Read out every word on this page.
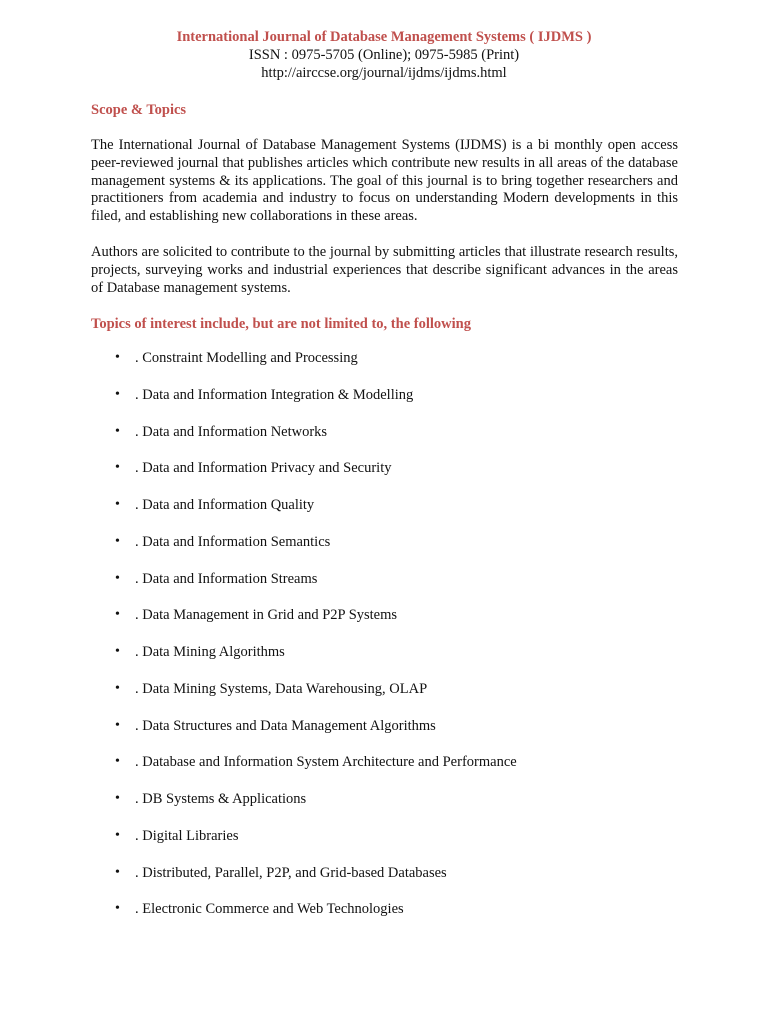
International Journal of Database Management Systems ( IJDMS )
ISSN : 0975-5705 (Online); 0975-5985 (Print)
http://airccse.org/journal/ijdms/ijdms.html
Scope & Topics

The International Journal of Database Management Systems (IJDMS) is a bi monthly open access peer-reviewed journal that publishes articles which contribute new results in all areas of the database management systems & its applications. The goal of this journal is to bring together researchers and practitioners from academia and industry to focus on understanding Modern developments in this filed, and establishing new collaborations in these areas.

Authors are solicited to contribute to the journal by submitting articles that illustrate research results, projects, surveying works and industrial experiences that describe significant advances in the areas of Database management systems.

Topics of interest include, but are not limited to, the following
• . Constraint Modelling and Processing
• . Data and Information Integration & Modelling
• . Data and Information Networks
• . Data and Information Privacy and Security
• . Data and Information Quality
• . Data and Information Semantics
• . Data and Information Streams
• . Data Management in Grid and P2P Systems
• . Data Mining Algorithms
• . Data Mining Systems, Data Warehousing, OLAP
• . Data Structures and Data Management Algorithms
• . Database and Information System Architecture and Performance
• . DB Systems & Applications
• . Digital Libraries
• . Distributed, Parallel, P2P, and Grid-based Databases
• . Electronic Commerce and Web Technologies
